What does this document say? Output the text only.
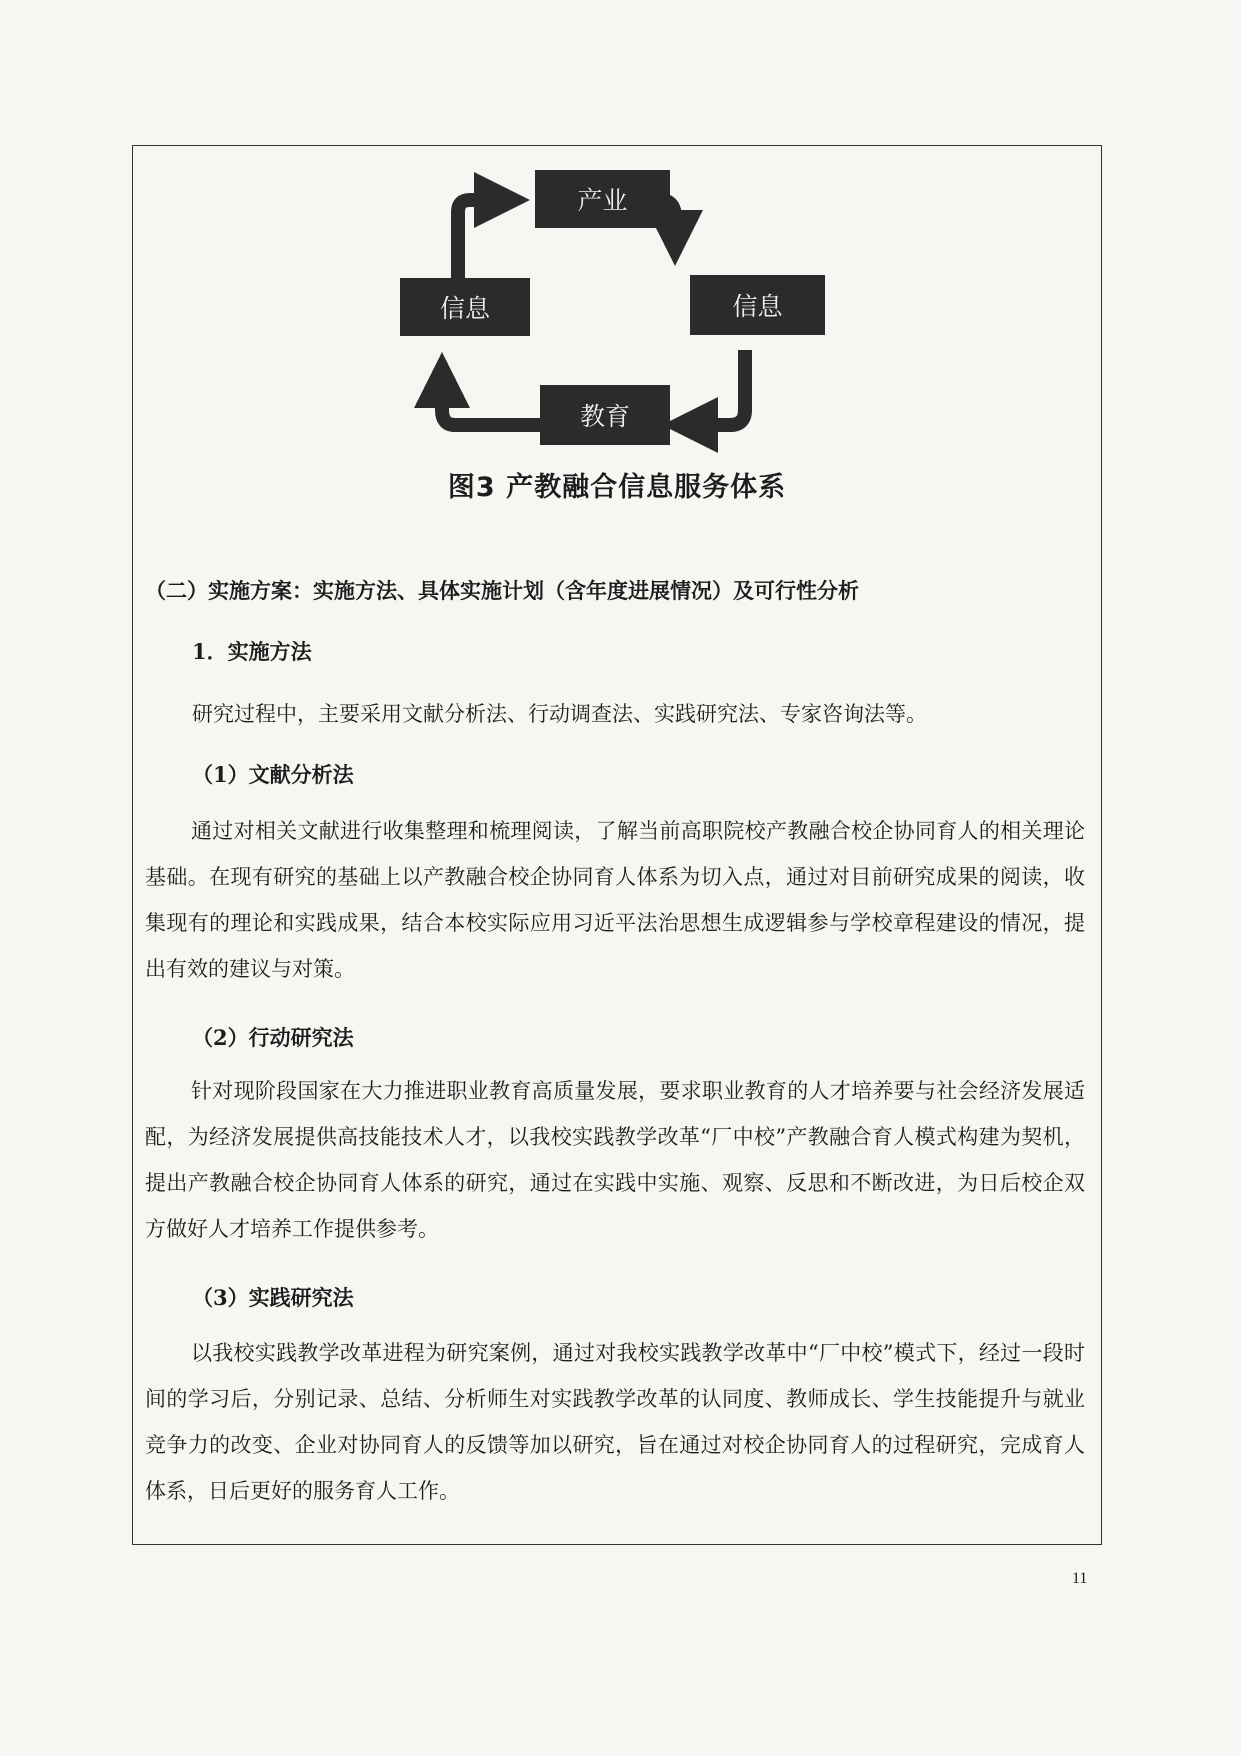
产业
信息
教育
信息
图3 产教融合信息服务体系
（二）实施方案：实施方法、具体实施计划（含年度进展情况）及可行性分析
1．实施方法
研究过程中，主要采用文献分析法、行动调查法、实践研究法、专家咨询法等。
（1）文献分析法
通过对相关文献进行收集整理和梳理阅读，了解当前高职院校产教融合校企协同育人的相关理论基础。在现有研究的基础上以产教融合校企协同育人体系为切入点，通过对目前研究成果的阅读，收集现有的理论和实践成果，结合本校实际应用习近平法治思想生成逻辑参与学校章程建设的情况，提出有效的建议与对策。
（2）行动研究法
针对现阶段国家在大力推进职业教育高质量发展，要求职业教育的人才培养要与社会经济发展适配，为经济发展提供高技能技术人才，以我校实践教学改革“厂中校”产教融合育人模式构建为契机，提出产教融合校企协同育人体系的研究，通过在实践中实施、观察、反思和不断改进，为日后校企双方做好人才培养工作提供参考。
（3）实践研究法
以我校实践教学改革进程为研究案例，通过对我校实践教学改革中“厂中校”模式下，经过一段时间的学习后，分别记录、总结、分析师生对实践教学改革的认同度、教师成长、学生技能提升与就业竞争力的改变、企业对协同育人的反馈等加以研究，旨在通过对校企协同育人的过程研究，完成育人体系，日后更好的服务育人工作。
11
